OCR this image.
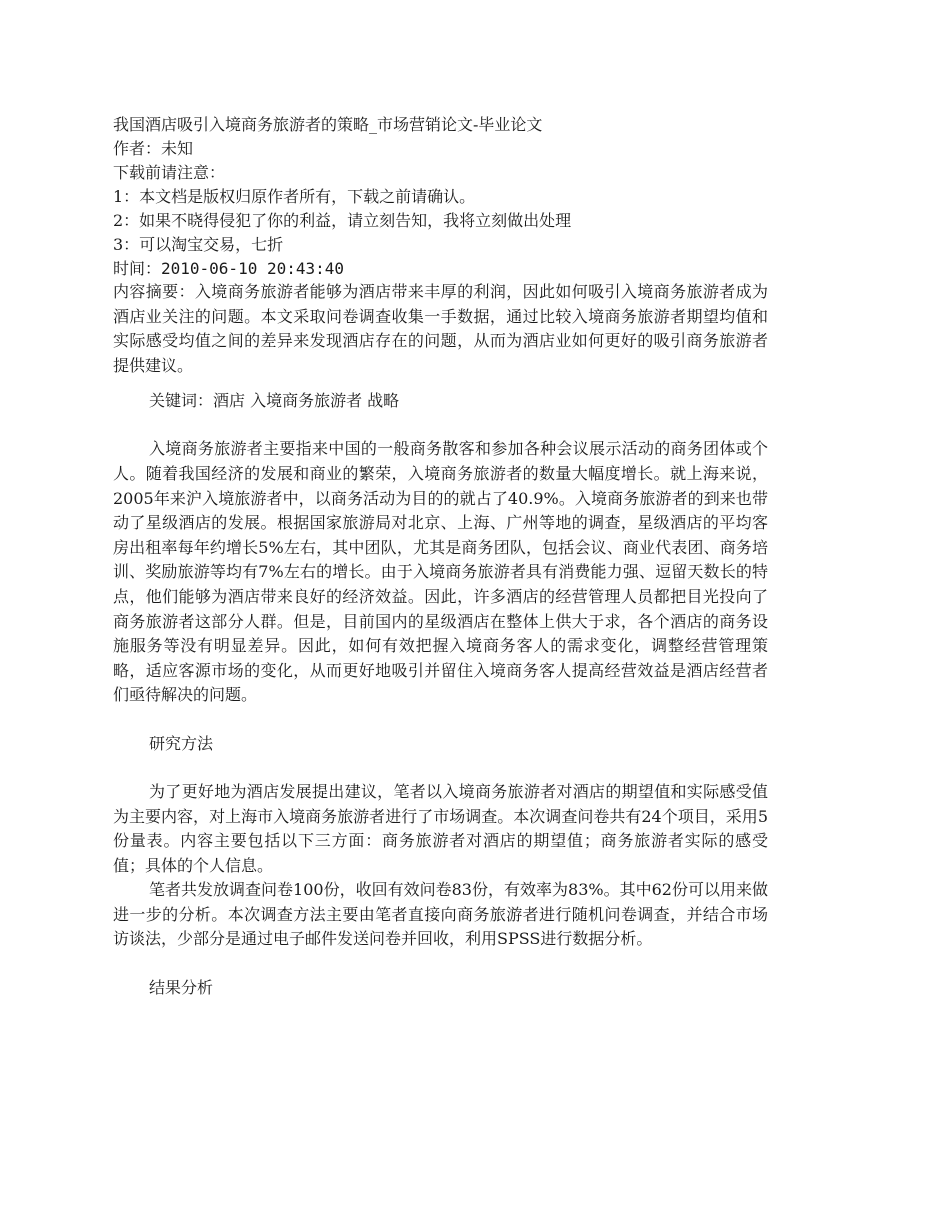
我国酒店吸引入境商务旅游者的策略_市场营销论文-毕业论文
作者：未知
下载前请注意：
1：本文档是版权归原作者所有，下载之前请确认。
2：如果不晓得侵犯了你的利益，请立刻告知，我将立刻做出处理
3：可以淘宝交易，七折
时间：2010-06-10 20:43:40

内容摘要：入境商务旅游者能够为酒店带来丰厚的利润，因此如何吸引入境商务旅游者成为酒店业关注的问题。本文采取问卷调查收集一手数据，通过比较入境商务旅游者期望均值和实际感受均值之间的差异来发现酒店存在的问题，从而为酒店业如何更好的吸引商务旅游者提供建议。

关键词：酒店 入境商务旅游者 战略

入境商务旅游者主要指来中国的一般商务散客和参加各种会议展示活动的商务团体或个人。随着我国经济的发展和商业的繁荣，入境商务旅游者的数量大幅度增长。就上海来说，2005年来沪入境旅游者中，以商务活动为目的的就占了40.9%。入境商务旅游者的到来也带动了星级酒店的发展。根据国家旅游局对北京、上海、广州等地的调查，星级酒店的平均客房出租率每年约增长5%左右，其中团队，尤其是商务团队，包括会议、商业代表团、商务培训、奖励旅游等均有7%左右的增长。由于入境商务旅游者具有消费能力强、逗留天数长的特点，他们能够为酒店带来良好的经济效益。因此，许多酒店的经营管理人员都把目光投向了商务旅游者这部分人群。但是，目前国内的星级酒店在整体上供大于求，各个酒店的商务设施服务等没有明显差异。因此，如何有效把握入境商务客人的需求变化，调整经营管理策略，适应客源市场的变化，从而更好地吸引并留住入境商务客人提高经营效益是酒店经营者们亟待解决的问题。

研究方法

为了更好地为酒店发展提出建议，笔者以入境商务旅游者对酒店的期望值和实际感受值为主要内容，对上海市入境商务旅游者进行了市场调查。本次调查问卷共有24个项目，采用5份量表。内容主要包括以下三方面：商务旅游者对酒店的期望值；商务旅游者实际的感受值；具体的个人信息。

笔者共发放调查问卷100份，收回有效问卷83份，有效率为83%。其中62份可以用来做进一步的分析。本次调查方法主要由笔者直接向商务旅游者进行随机问卷调查，并结合市场访谈法，少部分是通过电子邮件发送问卷并回收，利用SPSS进行数据分析。

结果分析
